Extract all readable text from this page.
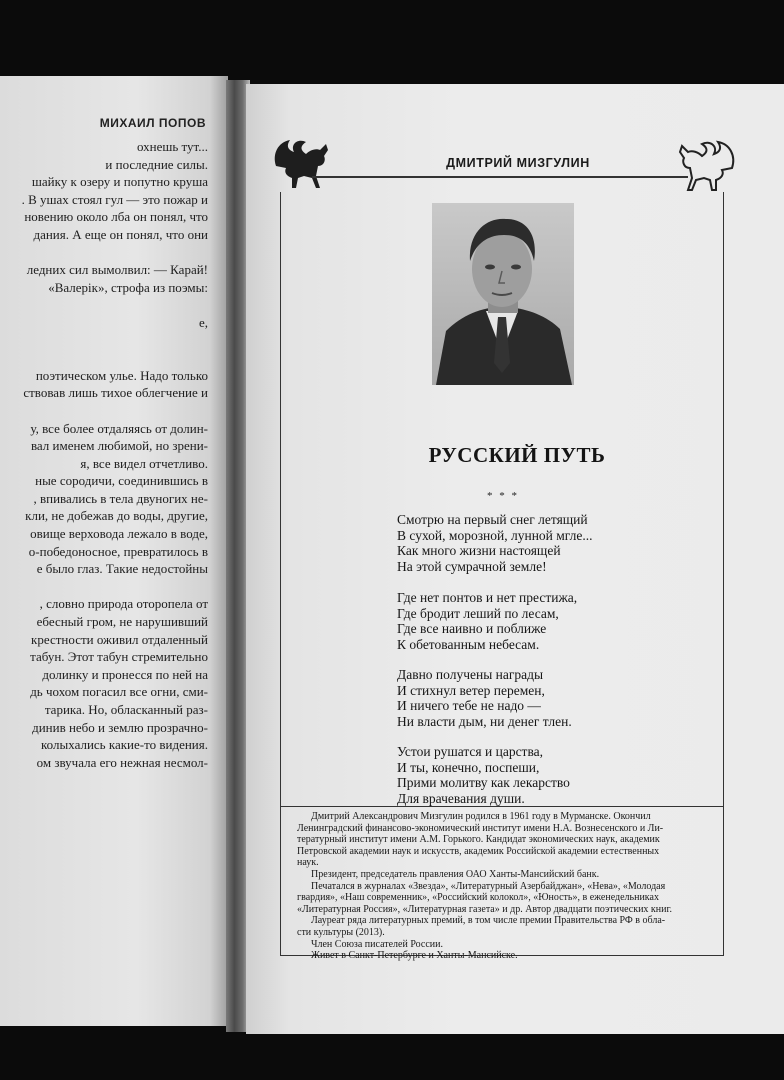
МИХАИЛ ПОПОВ
охнешь тут...
и последние силы.
шайку к озеру и попутно круша
. В ушах стоял гул — это пожар и
новению около лба он понял, что
дания. А еще он понял, что они
ледних сил вымолвил: — Карай!
«Валерiк», строфа из поэмы:
е,
поэтическом улье. Надо только
ствовав лишь тихое облегчение и
у, все более отдаляясь от долин-
вал именем любимой, но зрени-
я, все видел отчетливо.
ные сородичи, соединившись в
, впивались в тела двуногих не-
кли, не добежав до воды, другие,
овище верховода лежало в воде,
о-победоносное, превратилось в
е было глаз. Такие недостойны
, словно природа оторопела от
ебесный гром, не нарушивший
крестности оживил отдаленный
табун. Этот табун стремительно
долинку и пронесся по ней на
дь чохом погасил все огни, сми-
тарика. Но, обласканный раз-
динив небо и землю прозрачно-
колыхались какие-то видения.
ом звучала его нежная несмол-
ДМИТРИЙ МИЗГУЛИН
РУССКИЙ ПУТЬ
* * *
Смотрю на первый снег летящий
В сухой, морозной, лунной мгле...
Как много жизни настоящей
На этой сумрачной земле!
Где нет понтов и нет престижа,
Где бродит леший по лесам,
Где все наивно и поближе
К обетованным небесам.
Давно получены награды
И стихнул ветер перемен,
И ничего тебе не надо —
Ни власти дым, ни денег тлен.
Устои рушатся и царства,
И ты, конечно, поспеши,
Прими молитву как лекарство
Для врачевания души.
Дмитрий Александрович Мизгулин родился в 1961 году в Мурманске. Окончил
Ленинградский финансово-экономический институт имени Н.А. Вознесенского и Ли-
тературный институт имени А.М. Горького. Кандидат экономических наук, академик
Петровской академии наук и искусств, академик Российской академии естественных
наук.
Президент, председатель правления ОАО Ханты-Мансийский банк.
Печатался в журналах «Звезда», «Литературный Азербайджан», «Нева», «Молодая
гвардия», «Наш современник», «Российский колокол», «Юность», в еженедельниках
«Литературная Россия», «Литературная газета» и др. Автор двадцати поэтических книг.
Лауреат ряда литературных премий, в том числе премии Правительства РФ в обла-
сти культуры (2013).
Член Союза писателей России.
Живет в Санкт-Петербурге и Ханты-Мансийске.
